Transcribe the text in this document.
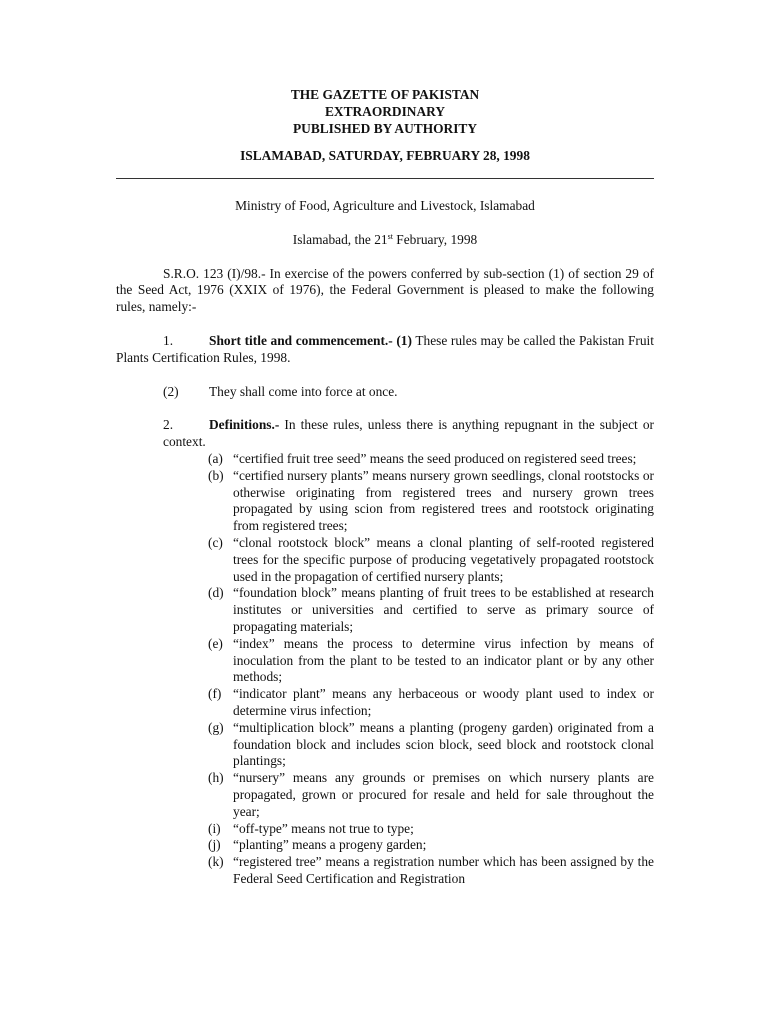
THE GAZETTE OF PAKISTAN
EXTRAORDINARY
PUBLISHED BY AUTHORITY
ISLAMABAD, SATURDAY, FEBRUARY 28, 1998
Ministry of Food, Agriculture and Livestock, Islamabad
Islamabad, the 21st February, 1998
S.R.O. 123 (I)/98.- In exercise of the powers conferred by sub-section (1) of section 29 of the Seed Act, 1976 (XXIX of 1976), the Federal Government is pleased to make the following rules, namely:-
1.	Short title and commencement.- (1) These rules may be called the Pakistan Fruit Plants Certification Rules, 1998.
(2) They shall come into force at once.
2.	Definitions.- In these rules, unless there is anything repugnant in the subject or context.
(a) “certified fruit tree seed” means the seed produced on registered seed trees;
(b) “certified nursery plants” means nursery grown seedlings, clonal rootstocks or otherwise originating from registered trees and nursery grown trees propagated by using scion from registered trees and rootstock originating from registered trees;
(c) “clonal rootstock block” means a clonal planting of self-rooted registered trees for the specific purpose of producing vegetatively propagated rootstock used in the propagation of certified nursery plants;
(d) “foundation block” means planting of fruit trees to be established at research institutes or universities and certified to serve as primary source of propagating materials;
(e) “index” means the process to determine virus infection by means of inoculation from the plant to be tested to an indicator plant or by any other methods;
(f) “indicator plant” means any herbaceous or woody plant used to index or determine virus infection;
(g) “multiplication block” means a planting (progeny garden) originated from a foundation block and includes scion block, seed block and rootstock clonal plantings;
(h) “nursery” means any grounds or premises on which nursery plants are propagated, grown or procured for resale and held for sale throughout the year;
(i) “off-type” means not true to type;
(j) “planting” means a progeny garden;
(k) “registered tree” means a registration number which has been assigned by the Federal Seed Certification and Registration
